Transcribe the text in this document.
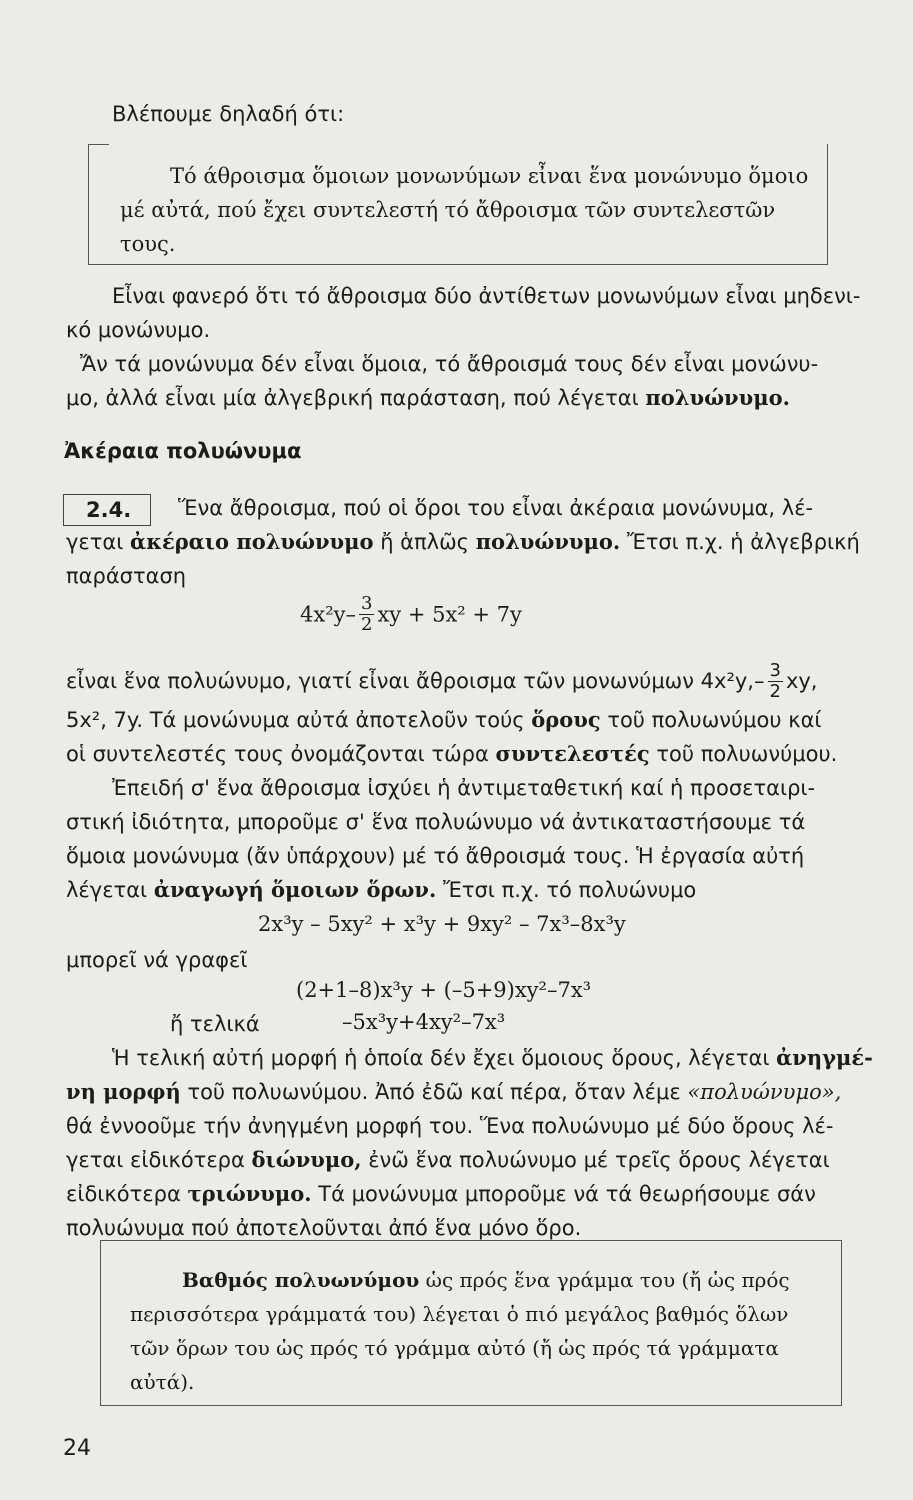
Βλέπουμε δηλαδή ότι:
Τό άθροισμα ὅμοιων μονωνύμων εἶναι ἕνα μονώνυμο ὅμοιο
μέ αὐτά, πού ἔχει συντελεστή τό ἄθροισμα τῶν συντελεστῶν
τους.
Εἶναι φανερό ὅτι τό ἄθροισμα δύο ἀντίθετων μονωνύμων εἶναι μηδενι-
κό μονώνυμο.
Ἄν τά μονώνυμα δέν εἶναι ὅμοια, τό ἄθροισμά τους δέν εἶναι μονώνυ-
μο, ἀλλά εἶναι μία ἀλγεβρική παράσταση, πού λέγεται πολυώνυμο.
Ἀκέραια πολυώνυμα
2.4. Ἕνα ἄθροισμα, πού οἱ ὅροι του εἶναι ἀκέραια μονώνυμα, λέ-
γεται ἀκέραιο πολυώνυμο ἤ ἁπλῶς πολυώνυμο. Ἔτσι π.χ. ἡ ἀλγεβρική
παράσταση
$4x^2y- \frac{3}{2}$ xy + 5x² + 7y
εἶναι ἕνα πολυώνυμο, γιατί εἶναι ἄθροισμα τῶν μονωνύμων $4x^2y,- \frac{3}{2}$ xy,
5x², 7y. Τά μονώνυμα αὐτά ἀποτελοῦν τούς ὅρους τοῦ πολυωνύμου καί
οἱ συντελεστές τους ὀνομάζονται τώρα συντελεστές τοῦ πολυωνύμου.
Ἐπειδή σ' ἕνα ἄθροισμα ἰσχύει ἡ ἀντιμεταθετική καί ἡ προσεταιρι-
στική ἰδιότητα, μποροῦμε σ' ἕνα πολυώνυμο νά ἀντικαταστήσουμε τά
ὅμοια μονώνυμα (ἄν ὑπάρχουν) μέ τό ἄθροισμά τους. Ἡ ἐργασία αὐτή
λέγεται ἀναγωγή ὅμοιων ὅρων. Ἔτσι π.χ. τό πολυώνυμο
2x³y – 5xy² + x³y + 9xy² – 7x³–8x³y
μπορεῖ νά γραφεῖ
(2+1–8)x³y + (–5+9)xy²–7x³
ἤ τελικά	–5x³y+4xy²–7x³
Ἡ τελική αὐτή μορφή ἡ ὁποία δέν ἔχει ὅμοιους ὅρους, λέγεται ἀνηγμέ-
νη μορφή τοῦ πολυωνύμου. Ἀπό ἐδῶ καί πέρα, ὅταν λέμε «πολυώνυμο»,
θά ἐννοοῦμε τήν ἀνηγμένη μορφή του. Ἕνα πολυώνυμο μέ δύο ὅρους λέ-
γεται εἰδικότερα διώνυμο, ἐνῶ ἕνα πολυώνυμο μέ τρεῖς ὅρους λέγεται
εἰδικότερα τριώνυμο. Τά μονώνυμα μποροῦμε νά τά θεωρήσουμε σάν
πολυώνυμα πού ἀποτελοῦνται ἀπό ἕνα μόνο ὅρο.
Βαθμός πολυωνύμου ὡς πρός ἕνα γράμμα του (ἤ ὡς πρός
περισσότερα γράμματά του) λέγεται ὁ πιό μεγάλος βαθμός ὅλων
τῶν ὅρων του ὡς πρός τό γράμμα αὐτό (ἤ ὡς πρός τά γράμματα
αὐτά).
24
